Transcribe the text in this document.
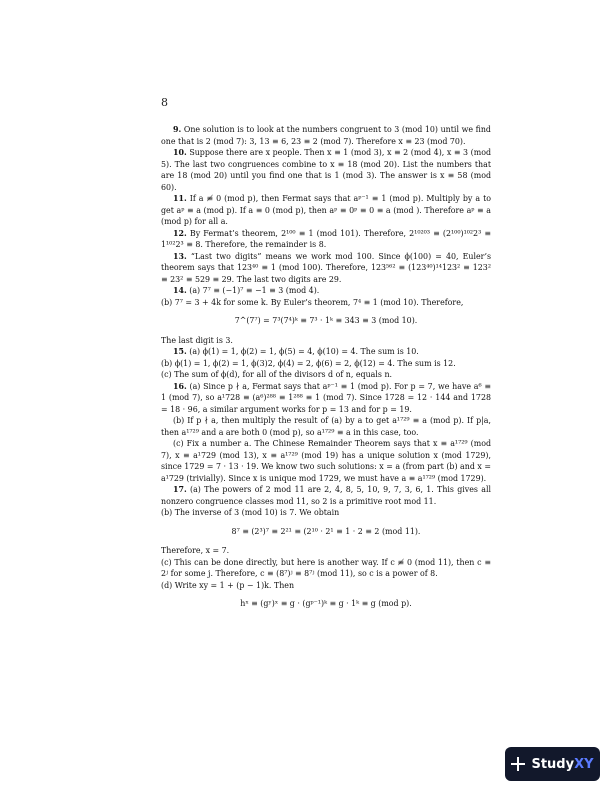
8

9. One solution is to look at the numbers congruent to 3 (mod 10) until we find one that is 2 (mod 7): 3, 13 ≡ 6, 23 ≡ 2 (mod 7). Therefore x ≡ 23 (mod 70).

10. Suppose there are x people. Then x ≡ 1 (mod 3), x ≡ 2 (mod 4), x ≡ 3 (mod 5). The last two congruences combine to x ≡ 18 (mod 20). List the numbers that are 18 (mod 20) until you find one that is 1 (mod 3). The answer is x ≡ 58 (mod 60).

11. If a ≢ 0 (mod p), then Fermat says that aᵖ⁻¹ ≡ 1 (mod p). Multiply by a to get aᵖ ≡ a (mod p). If a ≡ 0 (mod p), then aᵖ ≡ 0ᵖ ≡ 0 ≡ a (mod ). Therefore aᵖ ≡ a (mod p) for all a.

12. By Fermat’s theorem, 2¹⁰⁰ ≡ 1 (mod 101). Therefore, 2¹⁰²⁰³ ≡ (2¹⁰⁰)¹⁰²2³ ≡ 1¹⁰²2³ ≡ 8. Therefore, the remainder is 8.

13. “Last two digits” means we work mod 100. Since ϕ(100) = 40, Euler’s theorem says that 123⁴⁰ ≡ 1 (mod 100). Therefore, 123⁵⁶² ≡ (123⁴⁰)¹⁴123² ≡ 123² ≡ 23² ≡ 529 ≡ 29. The last two digits are 29.

14. (a) 7⁷ ≡ (−1)⁷ ≡ −1 ≡ 3 (mod 4).

(b) 7⁷ = 3 + 4k for some k. By Euler’s theorem, 7⁴ ≡ 1 (mod 10). Therefore,

7^(7⁷) = 7³(7⁴)ᵏ ≡ 7³ · 1ᵏ ≡ 343 ≡ 3 (mod 10).

The last digit is 3.

15. (a) ϕ(1) = 1, ϕ(2) = 1, ϕ(5) = 4, ϕ(10) = 4. The sum is 10.

(b) ϕ(1) = 1, ϕ(2) = 1, ϕ(3)2, ϕ(4) = 2, ϕ(6) = 2, ϕ(12) = 4. The sum is 12.

(c) The sum of ϕ(d), for all of the divisors d of n, equals n.

16. (a) Since p ∤ a, Fermat says that aᵖ⁻¹ ≡ 1 (mod p). For p = 7, we have a⁶ ≡ 1 (mod 7), so a¹728 ≡ (a⁶)²⁸⁸ ≡ 1²⁸⁸ ≡ 1 (mod 7). Since 1728 = 12 · 144 and 1728 = 18 · 96, a similar argument works for p = 13 and for p = 19.

(b) If p ∤ a, then multiply the result of (a) by a to get a¹⁷²⁹ ≡ a (mod p). If p|a, then a¹⁷²⁹ and a are both 0 (mod p), so a¹⁷²⁹ ≡ a in this case, too.

(c) Fix a number a. The Chinese Remainder Theorem says that x ≡ a¹⁷²⁹ (mod 7), x ≡ a¹729 (mod 13), x ≡ a¹⁷²⁹ (mod 19) has a unique solution x (mod 1729), since 1729 = 7 · 13 · 19. We know two such solutions: x = a (from part (b) and x = a¹729 (trivially). Since x is unique mod 1729, we must have a ≡ a¹⁷²⁹ (mod 1729).

17. (a) The powers of 2 mod 11 are 2, 4, 8, 5, 10, 9, 7, 3, 6, 1. This gives all nonzero congruence classes mod 11, so 2 is a primitive root mod 11.

(b) The inverse of 3 (mod 10) is 7. We obtain

8⁷ ≡ (2³)⁷ ≡ 2²¹ ≡ (2¹⁰ · 2¹ ≡ 1 · 2 ≡ 2 (mod 11).

Therefore, x = 7.

(c) This can be done directly, but here is another way. If c ≢ 0 (mod 11), then c ≡ 2ʲ for some j. Therefore, c ≡ (8⁷)ʲ ≡ 8⁷ʲ (mod 11), so c is a power of 8.

(d) Write xy = 1 + (p − 1)k. Then

hˣ ≡ (gʸ)ˣ ≡ g · (gᵖ⁻¹)ᵏ ≡ g · 1ᵏ ≡ g (mod p).

StudyXY
